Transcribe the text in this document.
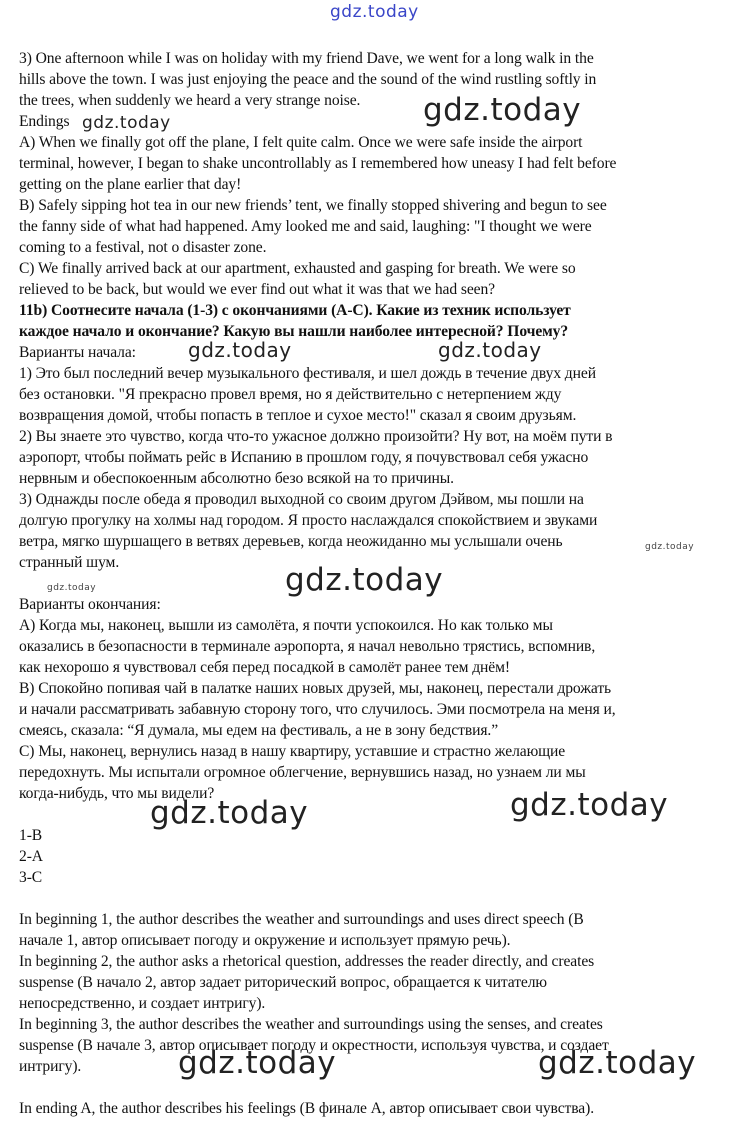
gdz.today

3) One afternoon while I was on holiday with my friend Dave, we went for a long walk in the

hills above the town. I was just enjoying the peace and the sound of the wind rustling softly in

the trees, when suddenly we heard a very strange noise.

Endings

A) When we finally got off the plane, I felt quite calm. Once we were safe inside the airport

terminal, however, I began to shake uncontrollably as I remembered how uneasy I had felt before

getting on the plane earlier that day!

B) Safely sipping hot tea in our new friends’ tent, we finally stopped shivering and begun to see

the fanny side of what had happened. Amy looked me and said, laughing: "I thought we were

coming to a festival, not o disaster zone.

C) We finally arrived back at our apartment, exhausted and gasping for breath. We were so

relieved to be back, but would we ever find out what it was that we had seen?

11b) Соотнесите начала (1-3) с окончаниями (A-C). Какие из техник использует

каждое начало и окончание? Какую вы нашли наиболее интересной? Почему?

Варианты начала:

1) Это был последний вечер музыкального фестиваля, и шел дождь в течение двух дней

без остановки. "Я прекрасно провел время, но я действительно с нетерпением жду

возвращения домой, чтобы попасть в теплое и сухое место!" сказал я своим друзьям.

2) Вы знаете это чувство, когда что-то ужасное должно произойти? Ну вот, на моём пути в

аэропорт, чтобы поймать рейс в Испанию в прошлом году, я почувствовал себя ужасно

нервным и обеспокоенным абсолютно безо всякой на то причины.

3) Однажды после обеда я проводил выходной со своим другом Дэйвом, мы пошли на

долгую прогулку на холмы над городом. Я просто наслаждался спокойствием и звуками

ветра, мягко шуршащего в ветвях деревьев, когда неожиданно мы услышали очень

странный шум.

Варианты окончания:

A) Когда мы, наконец, вышли из самолёта, я почти успокоился. Но как только мы

оказались в безопасности в терминале аэропорта, я начал невольно трястись, вспомнив,

как нехорошо я чувствовал себя перед посадкой в самолёт ранее тем днём!

B) Спокойно попивая чай в палатке наших новых друзей, мы, наконец, перестали дрожать

и начали рассматривать забавную сторону того, что случилось. Эми посмотрела на меня и,

смеясь, сказала: “Я думала, мы едем на фестиваль, а не в зону бедствия.”

C) Мы, наконец, вернулись назад в нашу квартиру, уставшие и страстно желающие

передохнуть. Мы испытали огромное облегчение, вернувшись назад, но узнаем ли мы

когда-нибудь, что мы видели?

1-B

2-A

3-C

In beginning 1, the author describes the weather and surroundings and uses direct speech (В

начале 1, автор описывает погоду и окружение и использует прямую речь).

In beginning 2, the author asks a rhetorical question, addresses the reader directly, and creates

suspense (В начало 2, автор задает риторический вопрос, обращается к читателю

непосредственно, и создает интригу).

In beginning 3, the author describes the weather and surroundings using the senses, and creates

suspense (В начале 3, автор описывает погоду и окрестности, используя чувства, и создает

интригу).

In ending A, the author describes his feelings (В финале A, автор описывает свои чувства).

gdz.today
gdz.today
gdz.today	gdz.today
gdz.today
gdz.today	gdz.today
gdz.today	gdz.today
gdz.today	gdz.today
